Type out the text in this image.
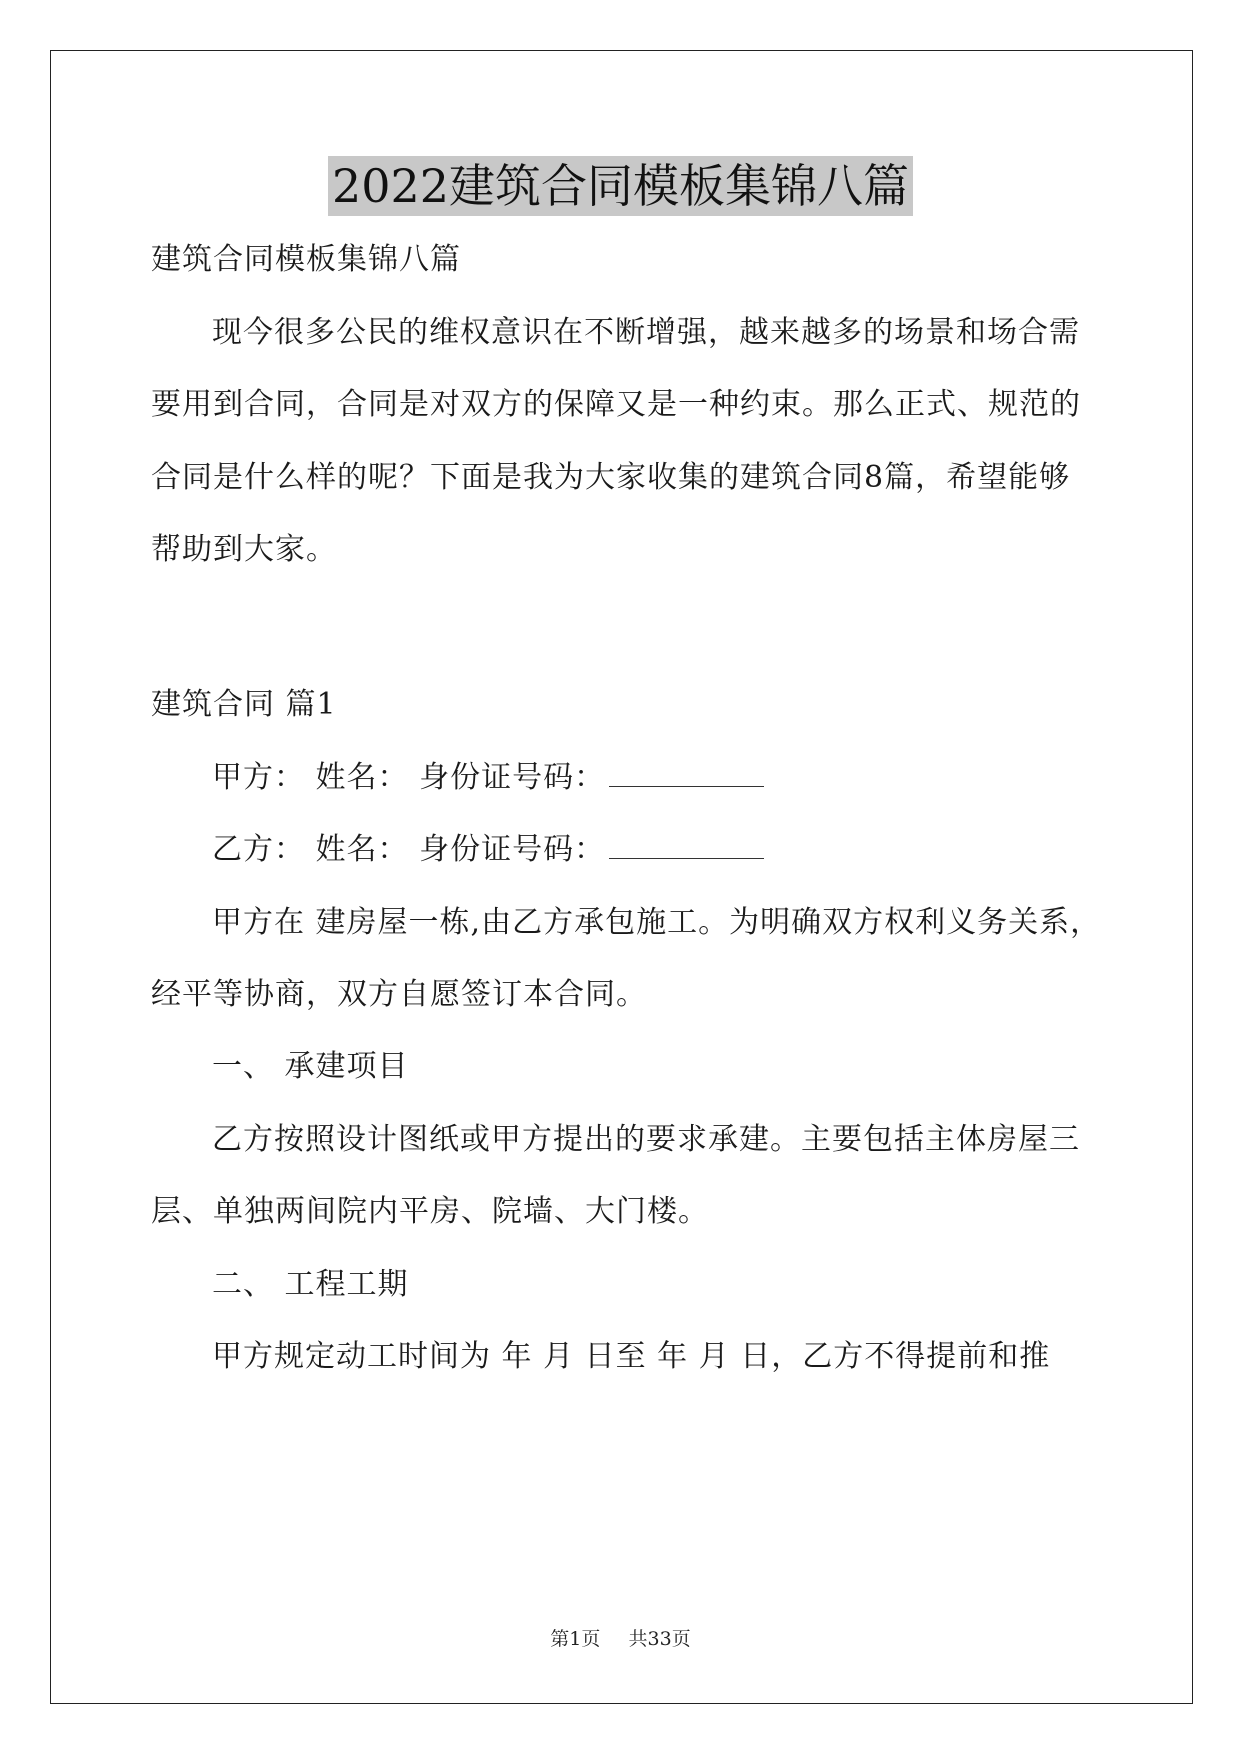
2022建筑合同模板集锦八篇
建筑合同模板集锦八篇
现今很多公民的维权意识在不断增强，越来越多的场景和场合需
要用到合同，合同是对双方的保障又是一种约束。那么正式、规范的
合同是什么样的呢？下面是我为大家收集的建筑合同8篇，希望能够
帮助到大家。
建筑合同 篇1
甲方： 姓名： 身份证号码：
乙方： 姓名： 身份证号码：
甲方在 建房屋一栋,由乙方承包施工。为明确双方权利义务关系，
经平等协商，双方自愿签订本合同。
一、 承建项目
乙方按照设计图纸或甲方提出的要求承建。主要包括主体房屋三
层、单独两间院内平房、院墙、大门楼。
二、 工程工期
甲方规定动工时间为 年 月 日至 年 月 日，乙方不得提前和推
第1页 共33页
